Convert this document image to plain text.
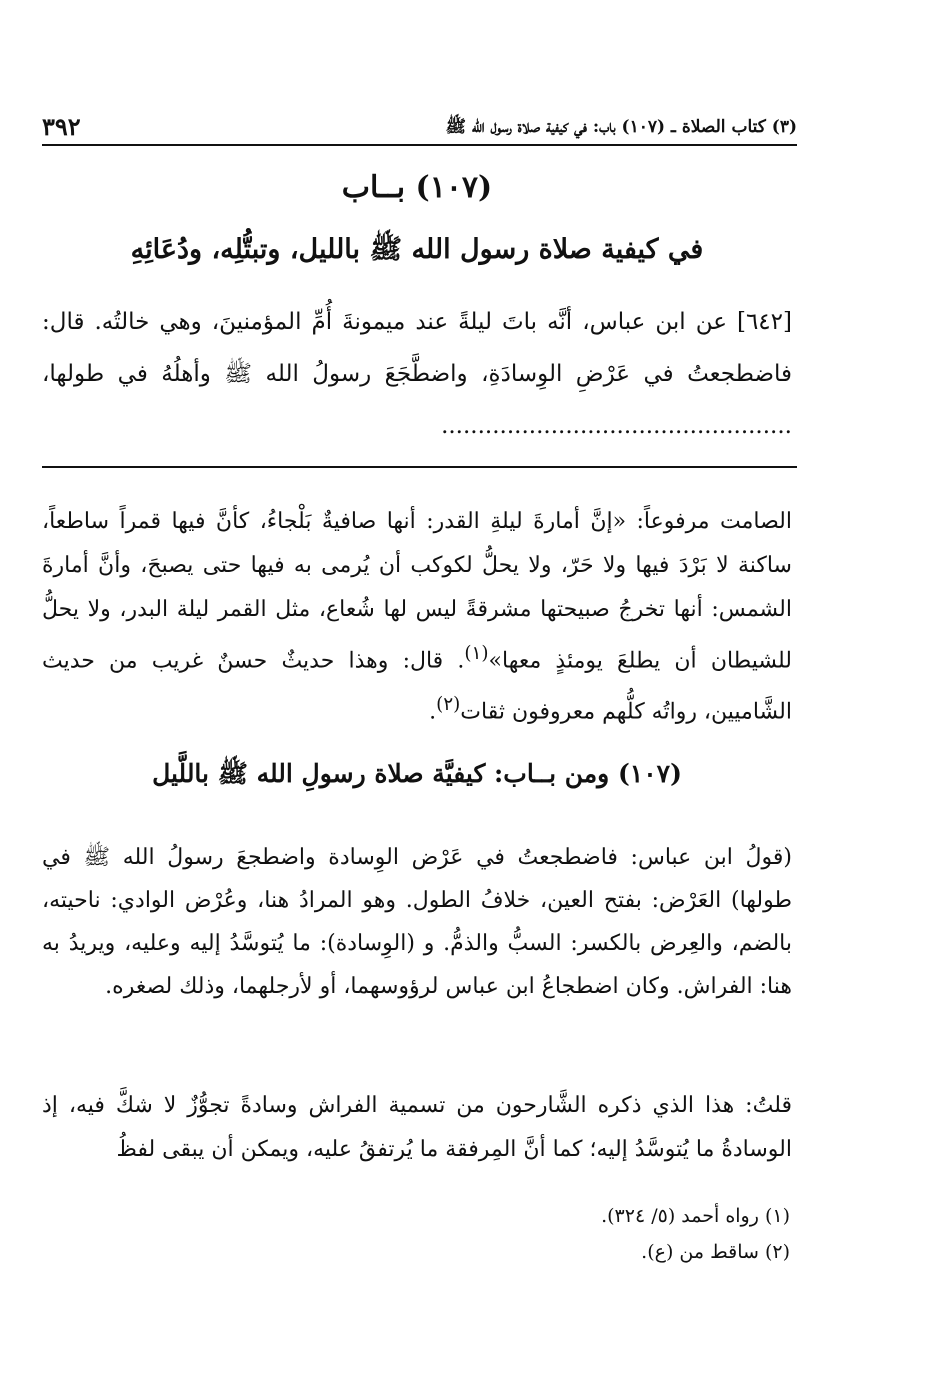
٣٩٢	(٣) كتاب الصلاة ـ (١٠٧) باب: في كيفية صلاة رسول الله ﷺ
(١٠٧) بــاب
في كيفية صلاة رسول الله ﷺ بالليل، وتبتُّلِه، ودُعَائِهِ
[٦٤٢] عن ابن عباس، أنَّه باتَ ليلةً عند ميمونةَ أُمِّ المؤمنينَ، وهي خالتُه. قال: فاضطجعتُ في عَرْضِ الوِسادَةِ، واضطَّجَعَ رسولُ الله ﷺ وأهلُهُ في طولها، ................................................
الصامت مرفوعاً: «إنَّ أمارةَ ليلةِ القدر: أنها صافيةٌ بَلْجاءُ، كأنَّ فيها قمراً ساطعاً، ساكنة لا بَرْدَ فيها ولا حَرّ، ولا يحلُّ لكوكب أن يُرمى به فيها حتى يصبحَ، وأنَّ أمارةَ الشمس: أنها تخرجُ صبيحتها مشرقةً ليس لها شُعاع، مثل القمر ليلة البدر، ولا يحلُّ للشيطان أن يطلعَ يومئذٍ معها»$^{(١)}$. قال: وهذا حديثٌ حسنٌ غريب من حديث الشَّاميين، رواتُه كلُّهم معروفون ثقات$^{(٢)}$.
(١٠٧) ومن بــاب: كيفيَّة صلاة رسولِ الله ﷺ باللَّيل

(قولُ ابن عباس: فاضطجعتُ في عَرْض الوِسادة واضطجعَ رسولُ الله ﷺ في طولها) العَرْض: بفتح العين، خلافُ الطول. وهو المرادُ هنا، وعُرْض الوادي: ناحيته، بالضم، والعِرض بالكسر: السبُّ والذمُّ. و (الوِسادة): ما يُتوسَّدُ إليه وعليه، ويريدُ به هنا: الفراش. وكان اضطجاعُ ابن عباس لرؤوسهما، أو لأرجلهما، وذلك لصغره.

قلتُ: هذا الذي ذكره الشَّارحون من تسمية الفراش وسادةً تجوُّزٌ لا شكَّ فيه، إذ الوسادةُ ما يُتوسَّدُ إليه؛ كما أنَّ المِرفقة ما يُرتفقُ عليه، ويمكن أن يبقى لفظُ

(١) رواه أحمد (٥/ ٣٢٤).
(٢) ساقط من (ع).
